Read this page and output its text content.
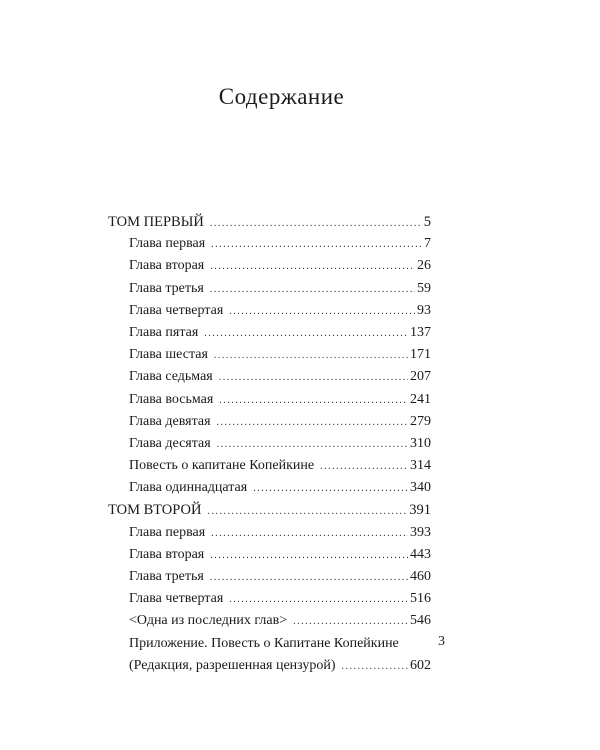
Содержание
ТОМ ПЕРВЫЙ .....	5
Глава первая .....	7
Глава вторая .....	26
Глава третья .....	59
Глава четвертая .....	93
Глава пятая .....	137
Глава шестая .....	171
Глава седьмая .....	207
Глава восьмая .....	241
Глава девятая .....	279
Глава десятая .....	310
Повесть о капитане Копейкине .....	314
Глава одиннадцатая .....	340
ТОМ ВТОРОЙ .....	391
Глава первая .....	393
Глава вторая .....	443
Глава третья .....	460
Глава четвертая .....	516
<Одна из последних глав> .....	546
Приложение. Повесть о Капитане Копейкине
(Редакция, разрешенная цензурой) .....	602
3
